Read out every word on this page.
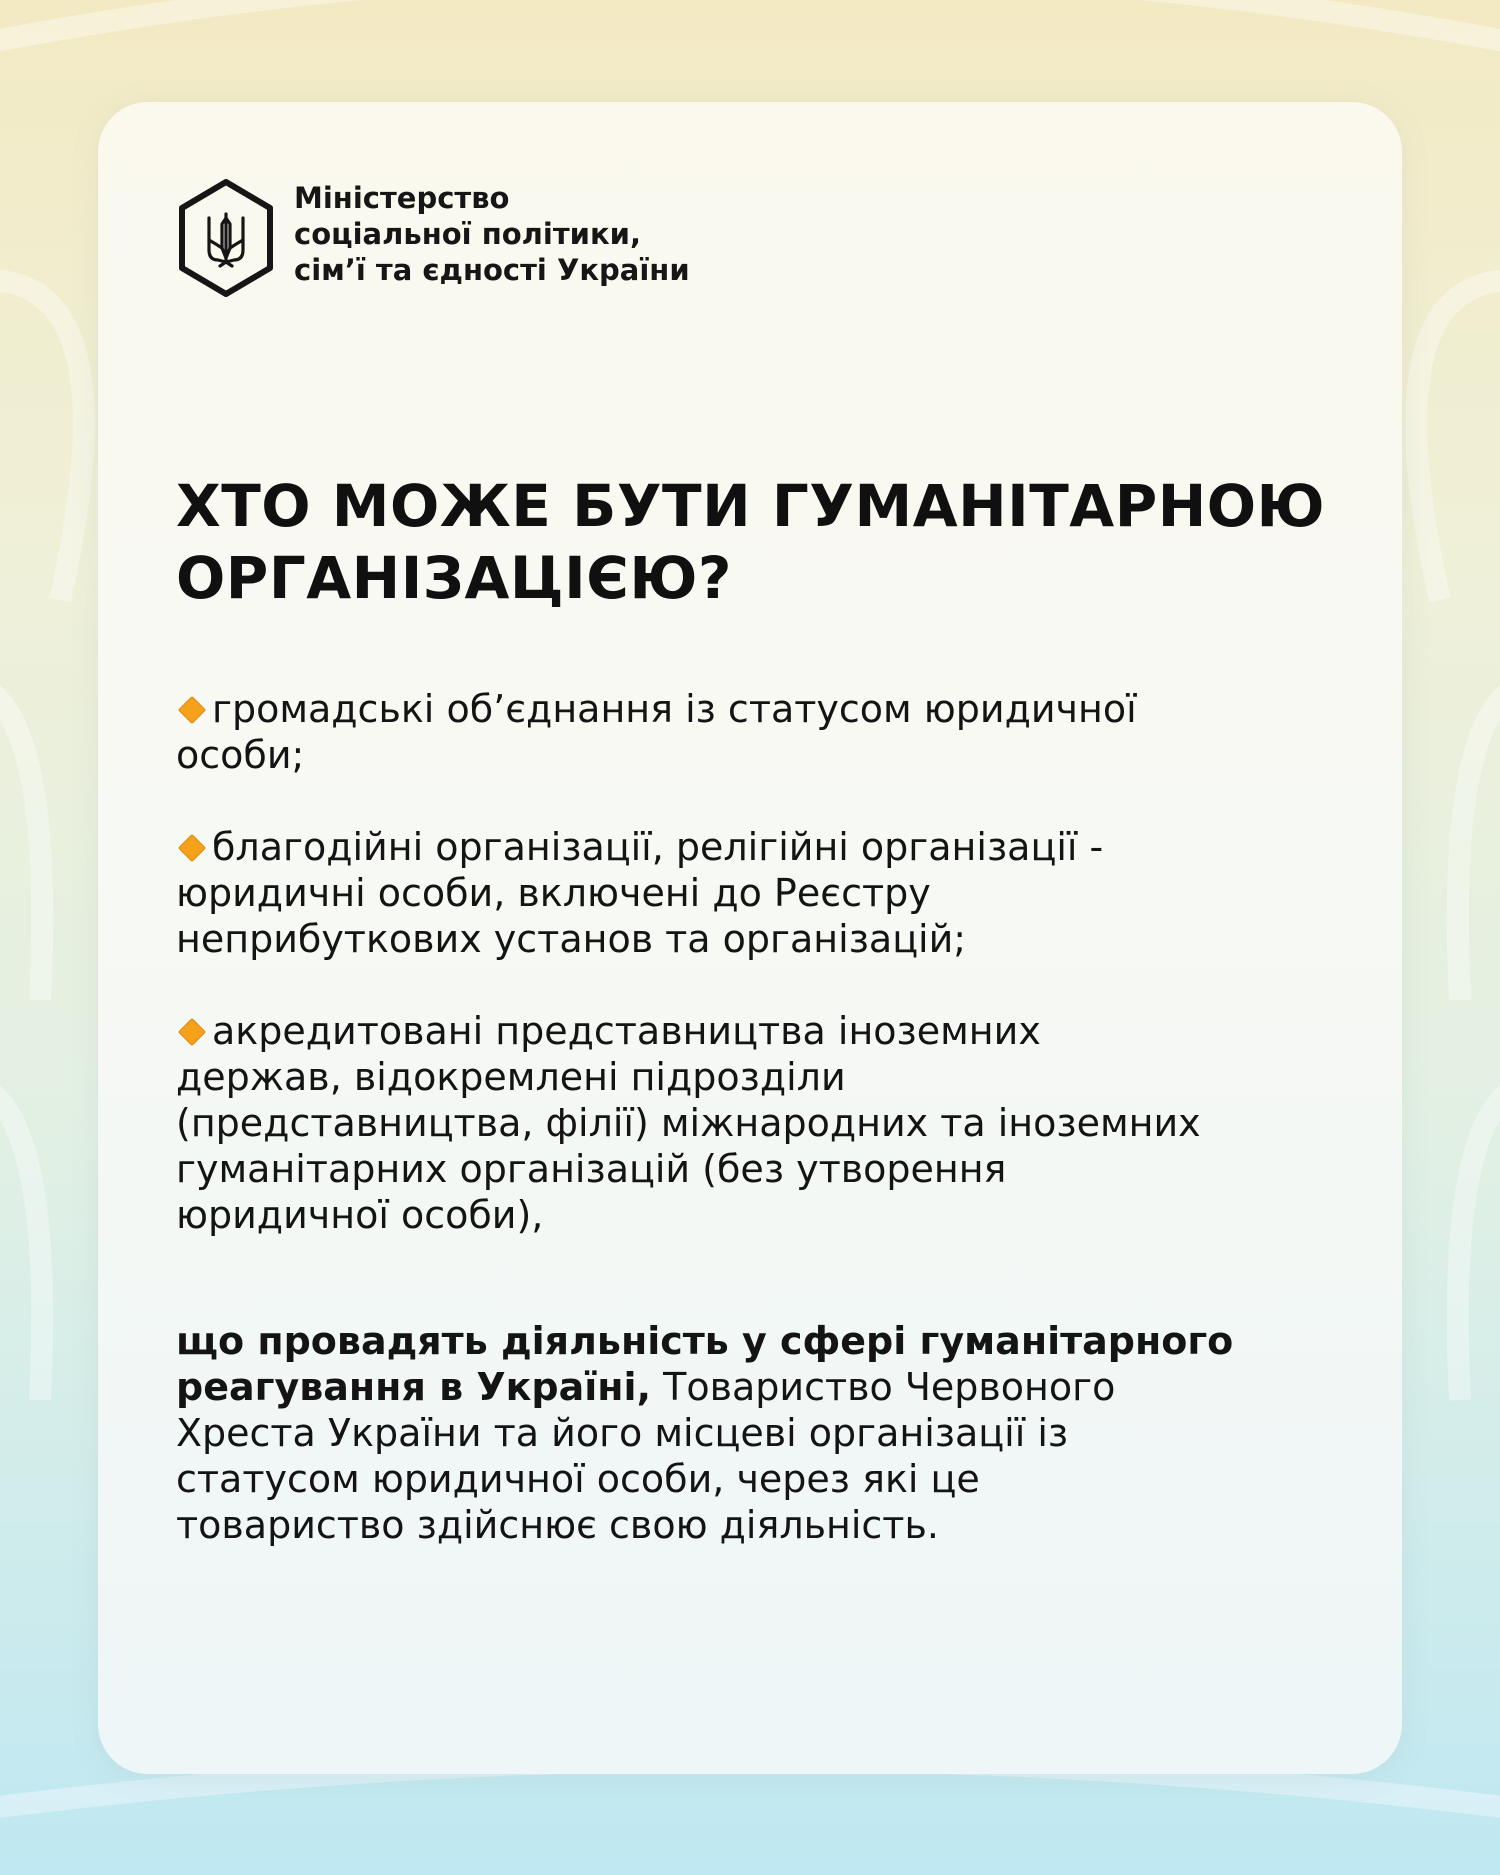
Міністерство
соціальної політики,
сім’ї та єдності України
ХТО МОЖЕ БУТИ ГУМАНІТАРНОЮ
ОРГАНІЗАЦІЄЮ?
громадські об’єднання із статусом юридичної
особи;
благодійні організації, релігійні організації -
юридичні особи, включені до Реєстру
неприбуткових установ та організацій;
акредитовані представництва іноземних
держав, відокремлені підрозділи
(представництва, філії) міжнародних та іноземних
гуманітарних організацій (без утворення
юридичної особи),
що провадять діяльність у сфері гуманітарного
реагування в Україні, Товариство Червоного
Хреста України та його місцеві організації із
статусом юридичної особи, через які це
товариство здійснює свою діяльність.
